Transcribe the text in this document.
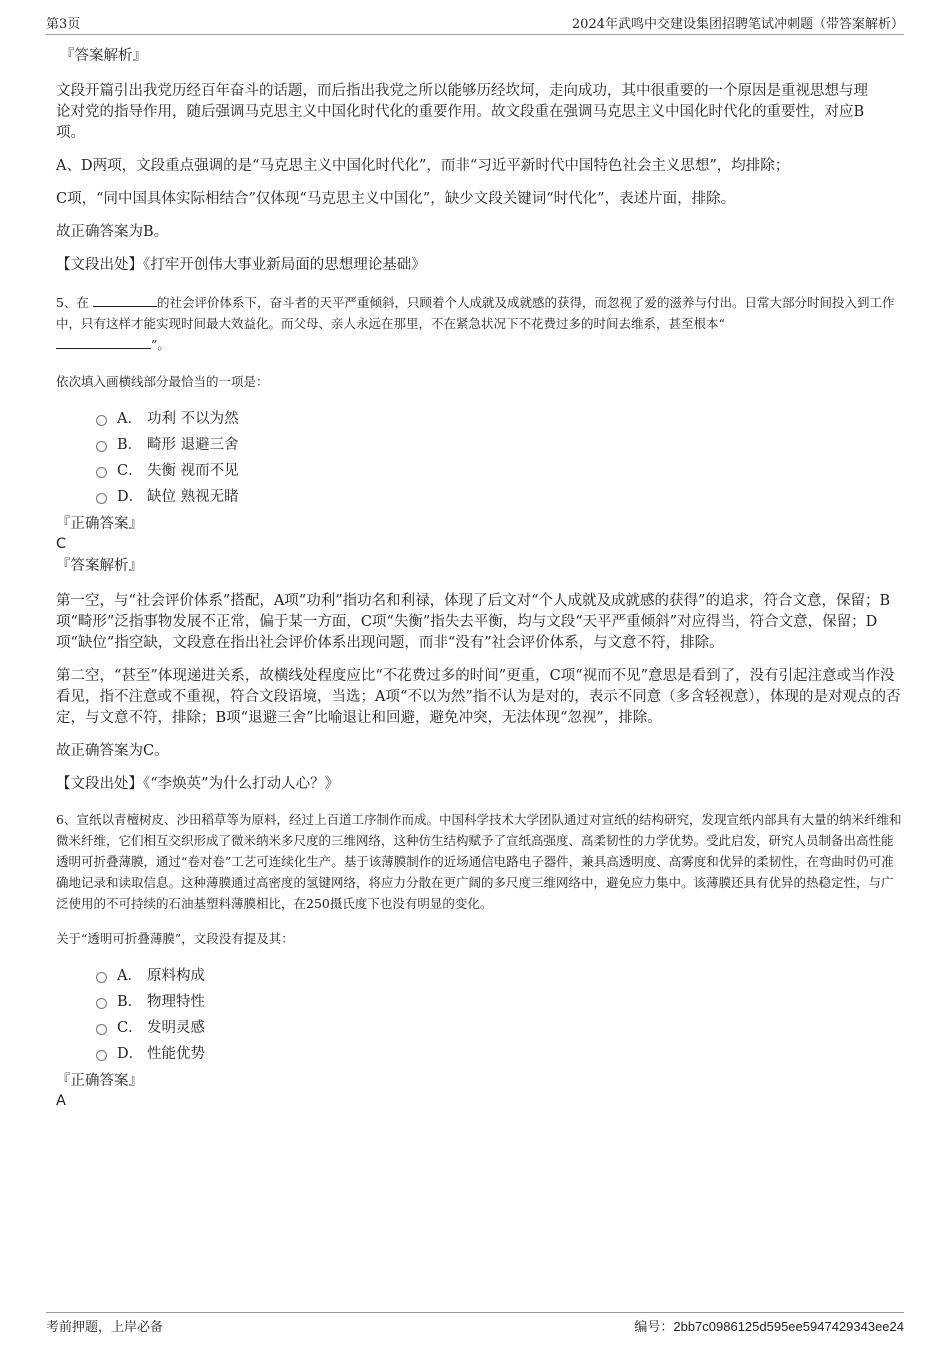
第3页	2024年武鸣中交建设集团招聘笔试冲刺题（带答案解析）

『答案解析』

文段开篇引出我党历经百年奋斗的话题，而后指出我党之所以能够历经坎坷，走向成功，其中很重要的一个原因是重视思想与理论对党的指导作用，随后强调马克思主义中国化时代化的重要作用。故文段重在强调马克思主义中国化时代化的重要性，对应B项。

A、D两项，文段重点强调的是“马克思主义中国化时代化”，而非“习近平新时代中国特色社会主义思想”，均排除；

C项，“同中国具体实际相结合”仅体现“马克思主义中国化”，缺少文段关键词“时代化”，表述片面，排除。

故正确答案为B。

【文段出处】《打牢开创伟大事业新局面的思想理论基础》

5、在	的社会评价体系下，奋斗者的天平严重倾斜，只顾着个人成就及成就感的获得，而忽视了爱的滋养与付出。日常大部分时间投入到工作中，只有这样才能实现时间最大效益化。而父母、亲人永远在那里，不在紧急状况下不花费过多的时间去维系，甚至根本“
”。

依次填入画横线部分最恰当的一项是：

A． 功利 不以为然
B． 畸形 退避三舍
C． 失衡 视而不见
D． 缺位 熟视无睹

『正确答案』

C

『答案解析』

第一空，与“社会评价体系”搭配，A项“功利”指功名和利禄，体现了后文对“个人成就及成就感的获得”的追求，符合文意，保留；B项“畸形”泛指事物发展不正常，偏于某一方面，C项“失衡”指失去平衡，均与文段“天平严重倾斜”对应得当，符合文意，保留；D项“缺位”指空缺，文段意在指出社会评价体系出现问题，而非“没有”社会评价体系，与文意不符，排除。

第二空，“甚至”体现递进关系，故横线处程度应比“不花费过多的时间”更重，C项“视而不见”意思是看到了，没有引起注意或当作没看见，指不注意或不重视，符合文段语境，当选；A项“不以为然”指不认为是对的，表示不同意（多含轻视意），体现的是对观点的否定，与文意不符，排除；B项“退避三舍”比喻退让和回避，避免冲突，无法体现“忽视”，排除。

故正确答案为C。

【文段出处】《“李焕英”为什么打动人心？》

6、宣纸以青檀树皮、沙田稻草等为原料，经过上百道工序制作而成。中国科学技术大学团队通过对宣纸的结构研究，发现宣纸内部具有大量的纳米纤维和微米纤维，它们相互交织形成了微米纳米多尺度的三维网络，这种仿生结构赋予了宣纸高强度、高柔韧性的力学优势。受此启发，研究人员制备出高性能透明可折叠薄膜，通过“卷对卷”工艺可连续化生产。基于该薄膜制作的近场通信电路电子器件，兼具高透明度、高雾度和优异的柔韧性，在弯曲时仍可准确地记录和读取信息。这种薄膜通过高密度的氢键网络，将应力分散在更广阔的多尺度三维网络中，避免应力集中。该薄膜还具有优异的热稳定性，与广泛使用的不可持续的石油基塑料薄膜相比，在250摄氏度下也没有明显的变化。

关于“透明可折叠薄膜”，文段没有提及其：

A． 原料构成
B． 物理特性
C． 发明灵感
D． 性能优势

『正确答案』

A

考前押题，上岸必备	编号：2bb7c0986125d595ee5947429343ee24
